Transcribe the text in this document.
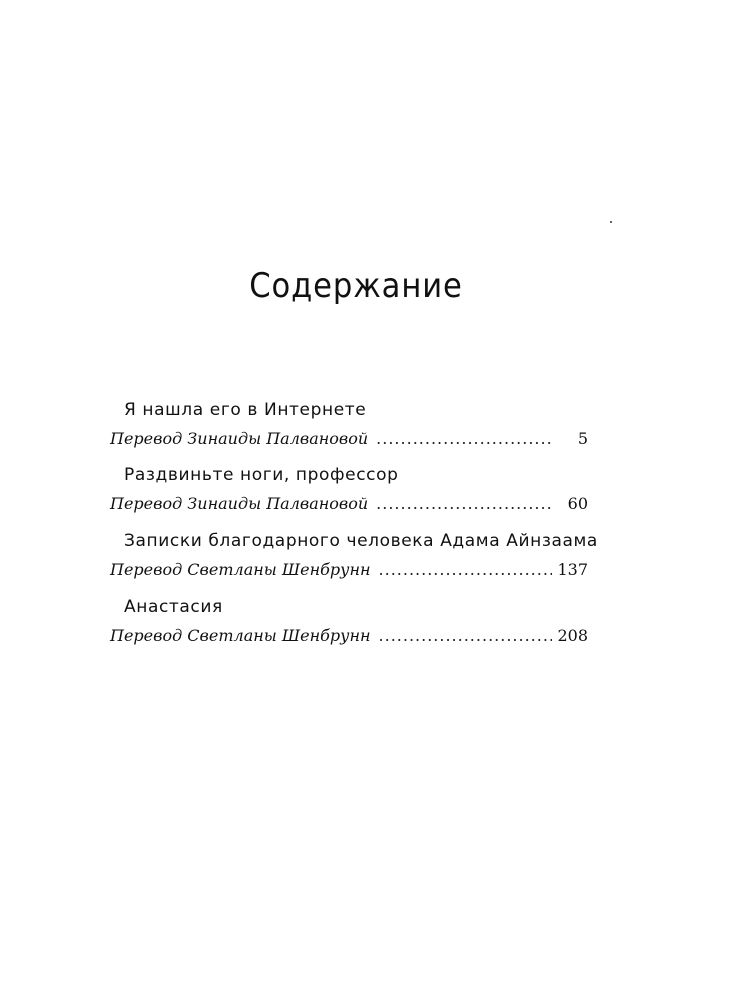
Содержание
Я нашла его в Интернете
Перевод Зинаиды Палвановой .....	5
Раздвиньте ноги, профессор
Перевод Зинаиды Палвановой .....	60
Записки благодарного человека Адама Айнзаама
Перевод Светланы Шенбрунн .....	137
Анастасия
Перевод Светланы Шенбрунн .....	208
